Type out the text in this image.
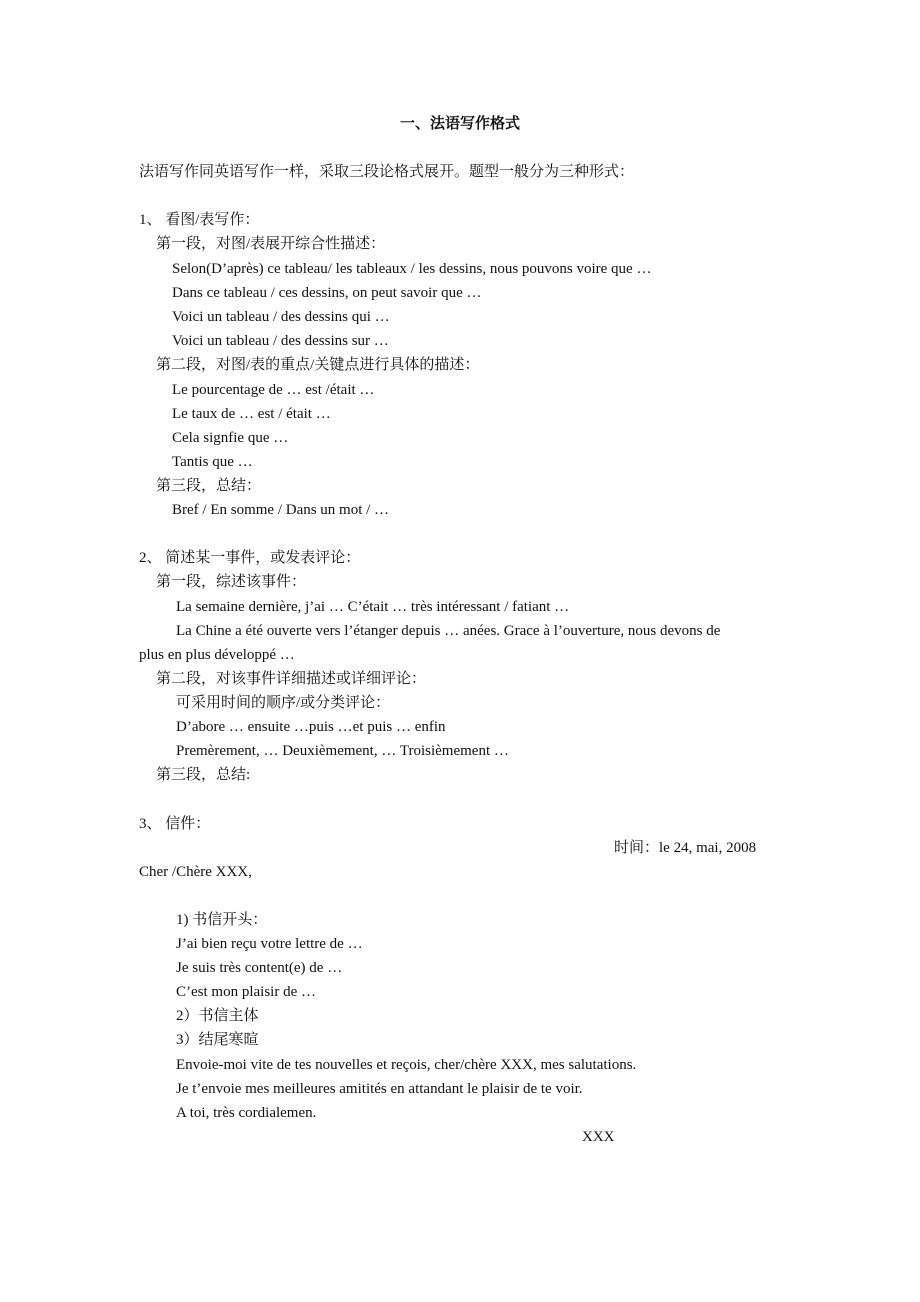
一、法语写作格式
法语写作同英语写作一样，采取三段论格式展开。题型一般分为三种形式：
1、 看图/表写作：
第一段，对图/表展开综合性描述：
Selon(D’après) ce tableau/ les tableaux / les dessins, nous pouvons voire que …
Dans ce tableau / ces dessins, on peut savoir que …
Voici un tableau / des dessins qui …
Voici un tableau / des dessins sur …
第二段，对图/表的重点/关键点进行具体的描述：
Le pourcentage de … est /était …
Le taux de … est / était …
Cela signfie que …
Tantis que …
第三段，总结：
Bref / En somme / Dans un mot / …
2、 简述某一事件，或发表评论：
第一段，综述该事件：
La semaine dernière, j’ai … C’était … très intéressant / fatiant …
La Chine a été ouverte vers l’étanger depuis … anées. Grace à l’ouverture, nous devons de
plus en plus développé …
第二段，对该事件详细描述或详细评论：
可采用时间的顺序/或分类评论：
D’abore … ensuite …puis …et puis … enfin
Premèrement, … Deuxièmement, … Troisièmement …
第三段，总结:
3、 信件：
时间：le 24, mai, 2008
Cher /Chère XXX,
1) 书信开头：
J’ai bien reçu votre lettre de …
Je suis très content(e) de …
C’est mon plaisir de …
2）书信主体
3）结尾寒暄
Envoie-moi vite de tes nouvelles et reçois, cher/chère XXX, mes salutations.
Je t’envoie mes meilleures amitités en attandant le plaisir de te voir.
A toi, très cordialemen.
XXX
